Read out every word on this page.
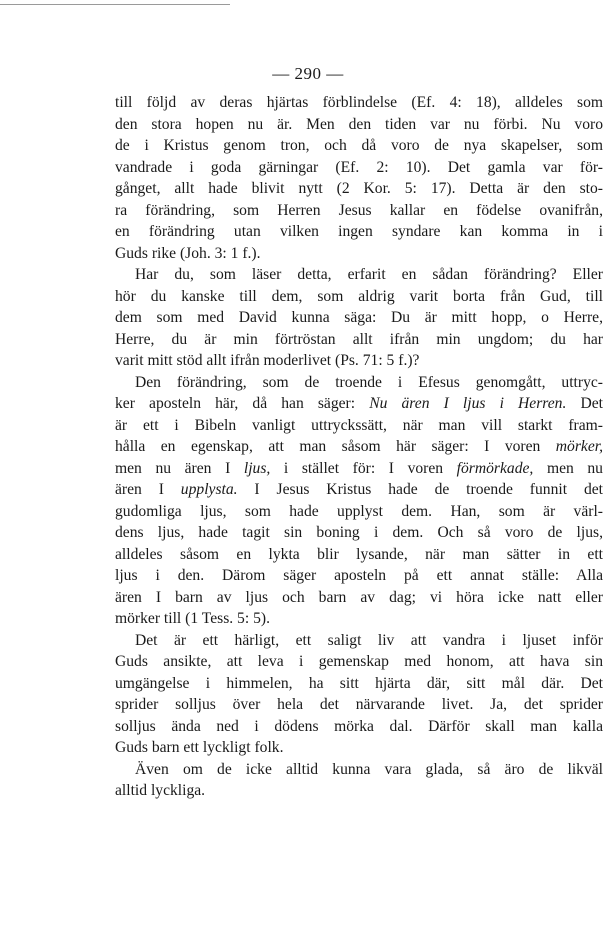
— 290 —
till följd av deras hjärtas förblindelse (Ef. 4: 18), alldeles som
den stora hopen nu är. Men den tiden var nu förbi. Nu voro
de i Kristus genom tron, och då voro de nya skapelser, som
vandrade i goda gärningar (Ef. 2: 10). Det gamla var för-
gånget, allt hade blivit nytt (2 Kor. 5: 17). Detta är den sto-
ra förändring, som Herren Jesus kallar en födelse ovanifrån,
en förändring utan vilken ingen syndare kan komma in i
Guds rike (Joh. 3: 1 f.).
Har du, som läser detta, erfarit en sådan förändring? Eller
hör du kanske till dem, som aldrig varit borta från Gud, till
dem som med David kunna säga: Du är mitt hopp, o Herre,
Herre, du är min förtröstan allt ifrån min ungdom; du har
varit mitt stöd allt ifrån moderlivet (Ps. 71: 5 f.)?
Den förändring, som de troende i Efesus genomgått, uttryc-
ker aposteln här, då han säger: Nu ären I ljus i Herren. Det
är ett i Bibeln vanligt uttryckssätt, när man vill starkt fram-
hålla en egenskap, att man såsom här säger: I voren mörker,
men nu ären I ljus, i stället för: I voren förmörkade, men nu
ären I upplysta. I Jesus Kristus hade de troende funnit det
gudomliga ljus, som hade upplyst dem. Han, som är värl-
dens ljus, hade tagit sin boning i dem. Och så voro de ljus,
alldeles såsom en lykta blir lysande, när man sätter in ett
ljus i den. Därom säger aposteln på ett annat ställe: Alla
ären I barn av ljus och barn av dag; vi höra icke natt eller
mörker till (1 Tess. 5: 5).
Det är ett härligt, ett saligt liv att vandra i ljuset inför
Guds ansikte, att leva i gemenskap med honom, att hava sin
umgängelse i himmelen, ha sitt hjärta där, sitt mål där. Det
sprider solljus över hela det närvarande livet. Ja, det sprider
solljus ända ned i dödens mörka dal. Därför skall man kalla
Guds barn ett lyckligt folk.
Även om de icke alltid kunna vara glada, så äro de likväl
alltid lyckliga.
